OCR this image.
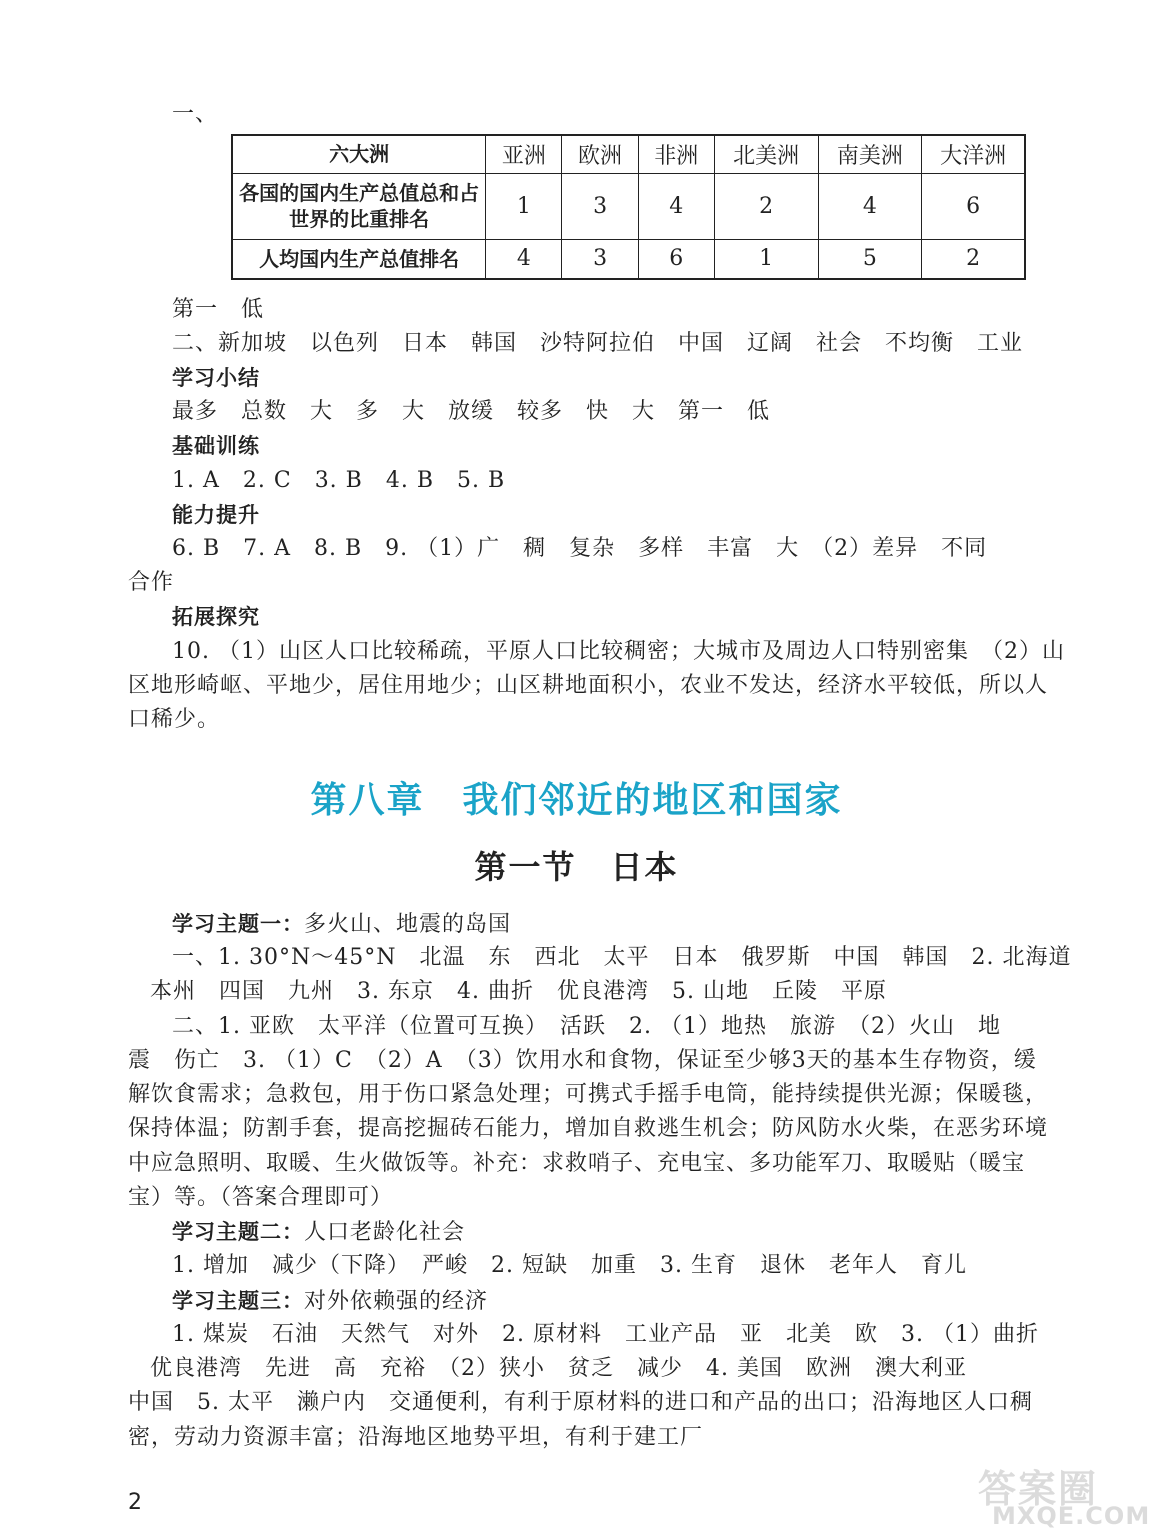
一、
六大洲	亚洲	欧洲	非洲	北美洲	南美洲	大洋洲
各国的国内生产总值总和占世界的比重排名	1	3	4	2	4	6
人均国内生产总值排名	4	3	6	1	5	2
第一　低
二、新加坡　以色列　日本　韩国　沙特阿拉伯　中国　辽阔　社会　不均衡　工业
学习小结
最多　总数　大　多　大　放缓　较多　快　大　第一　低
基础训练
1. A　2. C　3. B　4. B　5. B
能力提升
6. B　7. A　8. B　9. （1）广　稠　复杂　多样　丰富　大　（2）差异　不同
合作
拓展探究
10. （1）山区人口比较稀疏，平原人口比较稠密；大城市及周边人口特别密集　（2）山
区地形崎岖、平地少，居住用地少；山区耕地面积小，农业不发达，经济水平较低，所以人
口稀少。
第八章　我们邻近的地区和国家
第一节　日本
学习主题一：多火山、地震的岛国
一、1. 30°N～45°N　北温　东　西北　太平　日本　俄罗斯　中国　韩国　2. 北海道
本州　四国　九州　3. 东京　4. 曲折　优良港湾　5. 山地　丘陵　平原
二、1. 亚欧　太平洋（位置可互换）　活跃　2. （1）地热　旅游　（2）火山　地
震　伤亡　3. （1）C　（2）A　（3）饮用水和食物，保证至少够3天的基本生存物资，缓
解饮食需求；急救包，用于伤口紧急处理；可携式手摇手电筒，能持续提供光源；保暖毯，
保持体温；防割手套，提高挖掘砖石能力，增加自救逃生机会；防风防水火柴，在恶劣环境
中应急照明、取暖、生火做饭等。补充：求救哨子、充电宝、多功能军刀、取暖贴（暖宝
宝）等。（答案合理即可）
学习主题二：人口老龄化社会
1. 增加　减少（下降）　严峻　2. 短缺　加重　3. 生育　退休　老年人　育儿
学习主题三：对外依赖强的经济
1. 煤炭　石油　天然气　对外　2. 原材料　工业产品　亚　北美　欧　3. （1）曲折
优良港湾　先进　高　充裕　（2）狭小　贫乏　减少　4. 美国　欧洲　澳大利亚
中国　5. 太平　濑户内　交通便利，有利于原材料的进口和产品的出口；沿海地区人口稠
密，劳动力资源丰富；沿海地区地势平坦，有利于建工厂
2	答案圈
MXQE.COM
